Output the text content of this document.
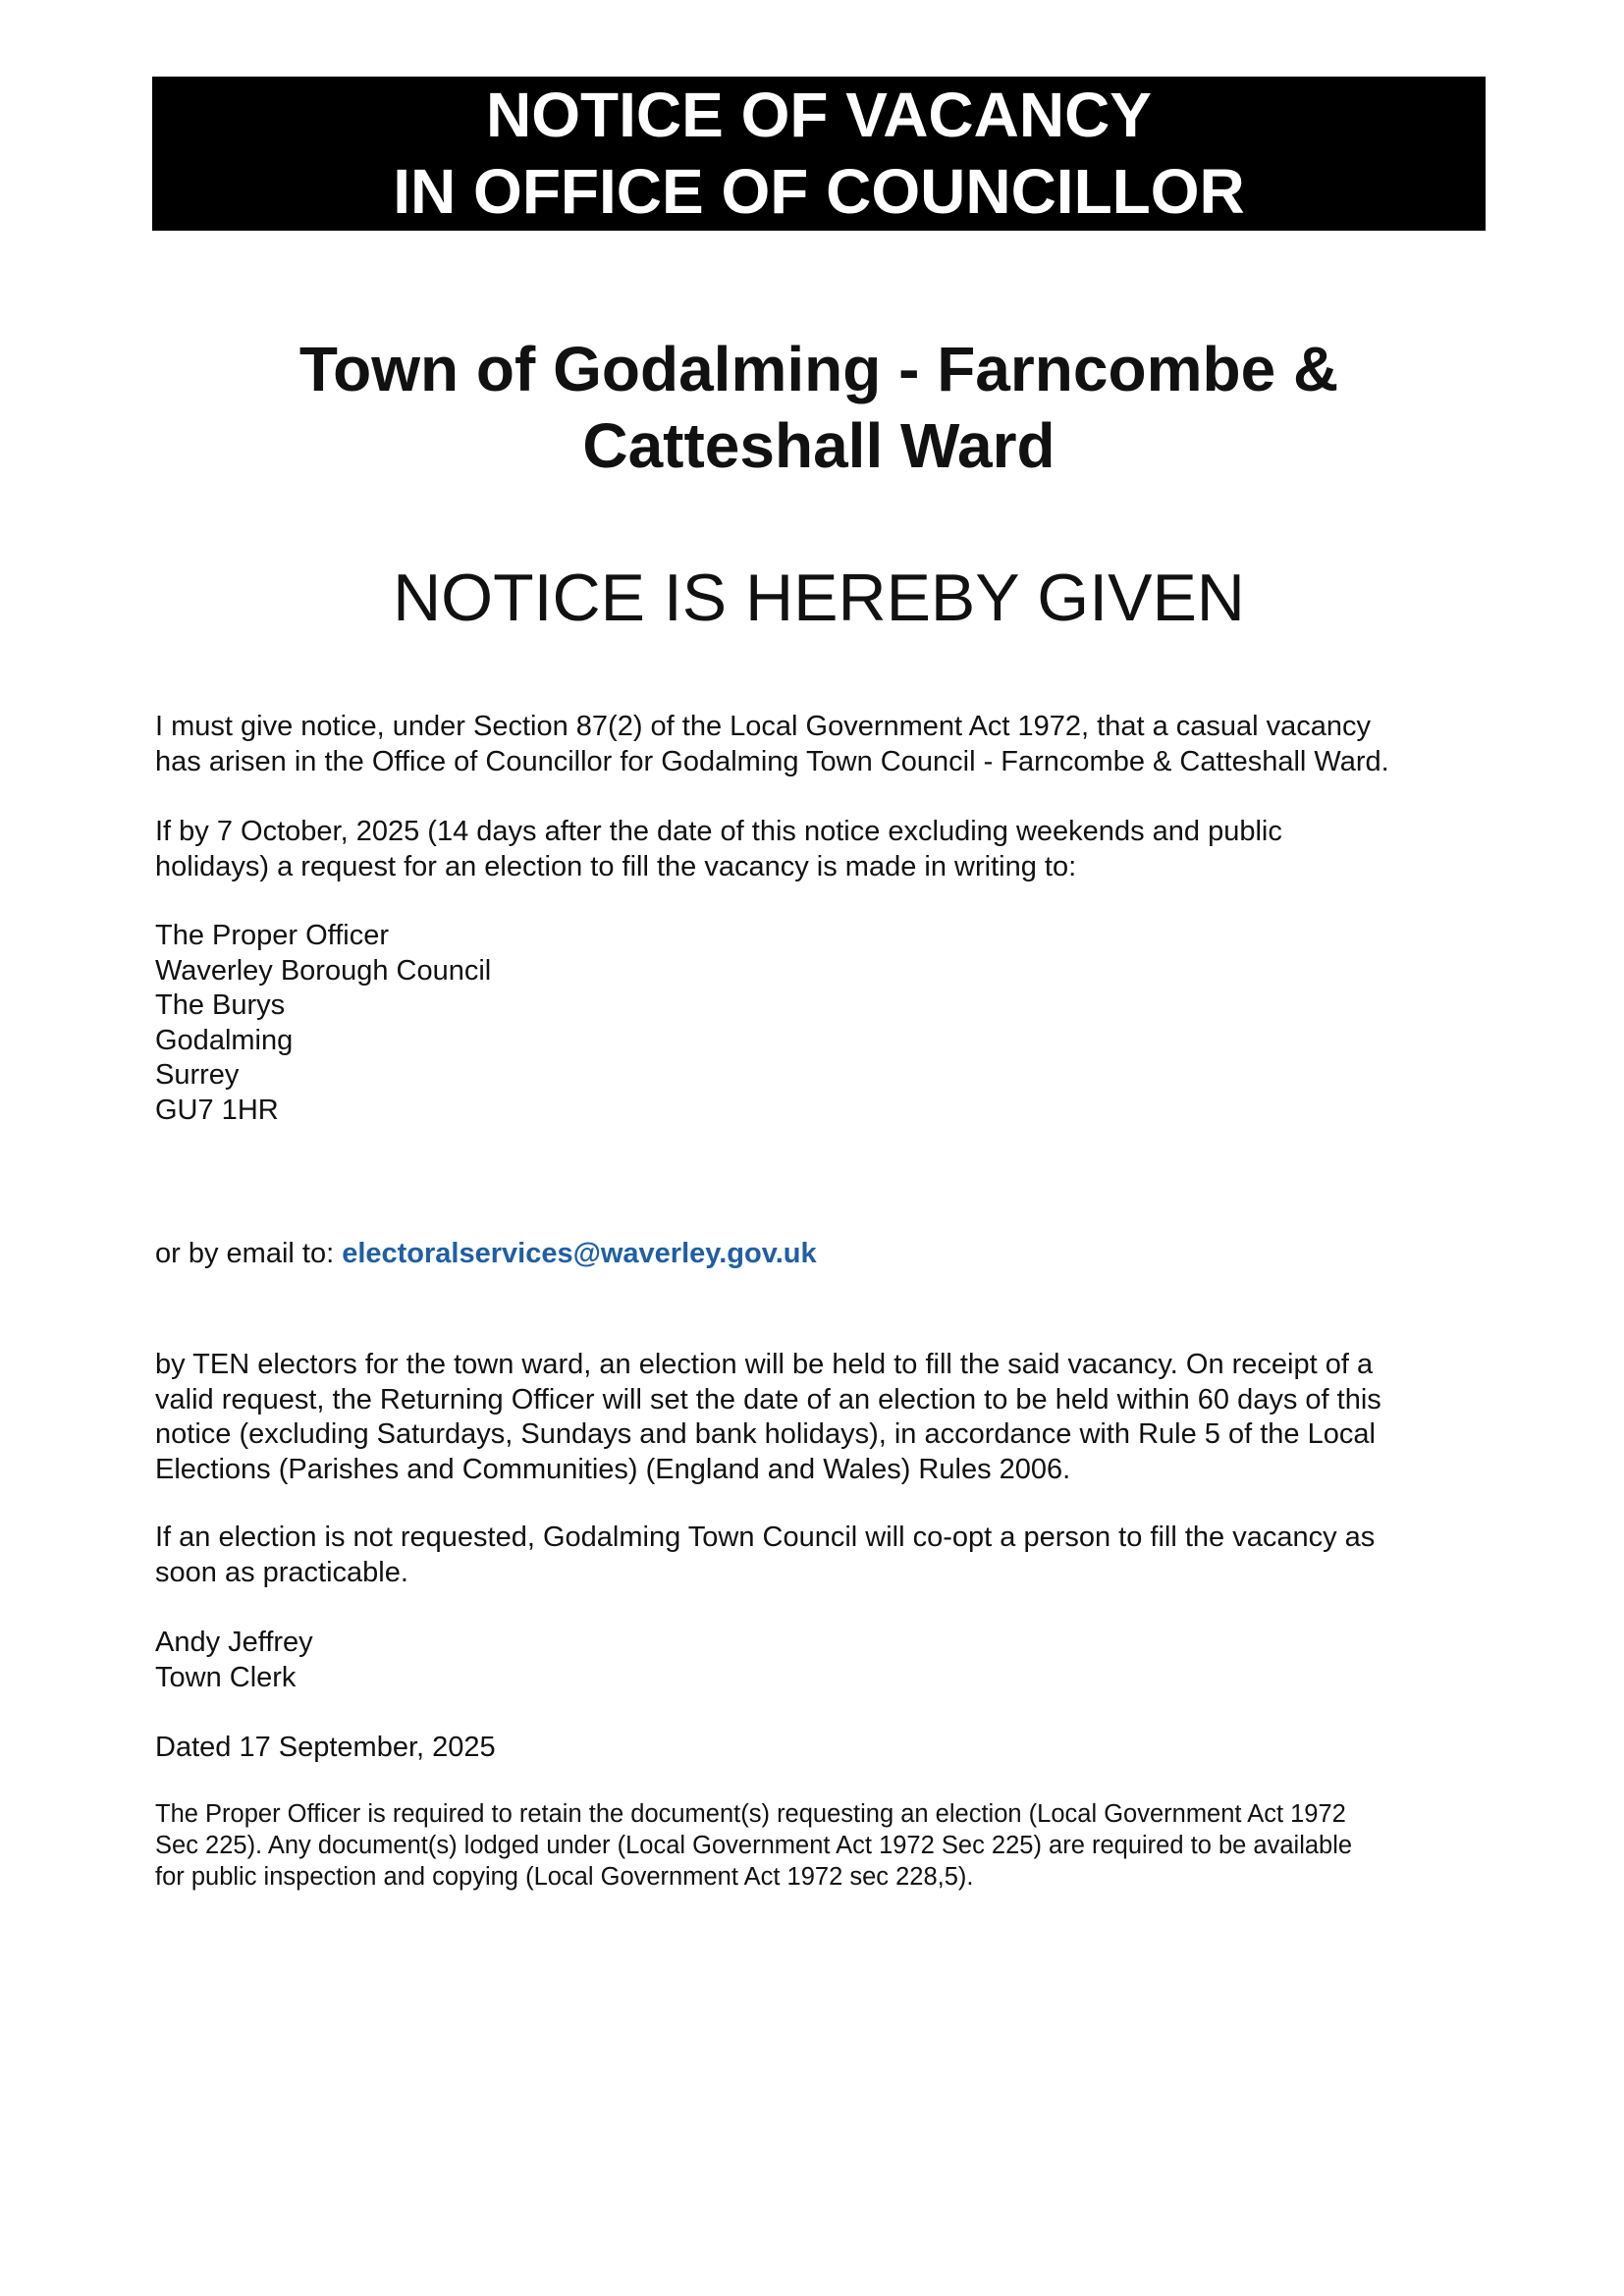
NOTICE OF VACANCY
IN OFFICE OF COUNCILLOR
Town of Godalming - Farncombe &
Catteshall Ward
NOTICE IS HEREBY GIVEN
I must give notice, under Section 87(2) of the Local Government Act 1972, that a casual vacancy
has arisen in the Office of Councillor for Godalming Town Council - Farncombe & Catteshall Ward.
If by 7 October, 2025 (14 days after the date of this notice excluding weekends and public
holidays) a request for an election to fill the vacancy is made in writing to:
The Proper Officer
Waverley Borough Council
The Burys
Godalming
Surrey
GU7 1HR
or by email to: electoralservices@waverley.gov.uk
by TEN electors for the town ward, an election will be held to fill the said vacancy. On receipt of a
valid request, the Returning Officer will set the date of an election to be held within 60 days of this
notice (excluding Saturdays, Sundays and bank holidays), in accordance with Rule 5 of the Local
Elections (Parishes and Communities) (England and Wales) Rules 2006.
If an election is not requested, Godalming Town Council will co-opt a person to fill the vacancy as
soon as practicable.
Andy Jeffrey
Town Clerk
Dated 17 September, 2025
The Proper Officer is required to retain the document(s) requesting an election (Local Government Act 1972
Sec 225). Any document(s) lodged under (Local Government Act 1972 Sec 225) are required to be available
for public inspection and copying (Local Government Act 1972 sec 228,5).
